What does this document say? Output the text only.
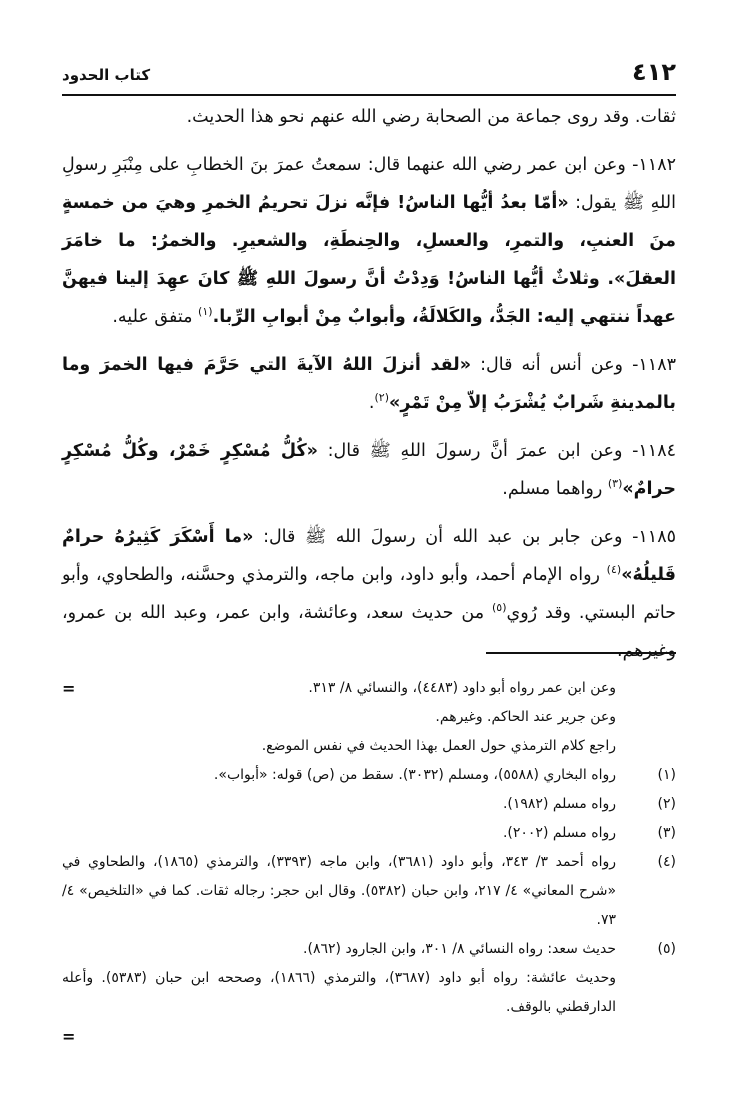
٤١٢
كتاب الحدود

ثقات. وقد روى جماعة من الصحابة رضي الله عنهم نحو هذا الحديث.

١١٨٢- وعن ابن عمر رضي الله عنهما قال: سمعتُ عمرَ بنَ الخطابِ على مِنْبَرِ رسولِ اللهِ ﷺ يقول: «أمّا بعدُ أيُّها الناسُ! فإنَّه نزلَ تحريمُ الخمرِ وهيَ من خمسةٍ منَ العنبِ، والتمرِ، والعسلِ، والحِنطَةِ، والشعيرِ. والخمرُ: ما خامَرَ العقلَ». وثلاثٌ أيُّها الناسُ! وَدِدْتُ أنَّ رسولَ اللهِ ﷺ كانَ عهِدَ إلينا فيهنَّ عهداً ننتهي إليه: الجَدُّ، والكَلالَةُ، وأبوابٌ مِنْ أبوابِ الرِّبا.$^{(١)}$ متفق عليه.

١١٨٣- وعن أنس أنه قال: «لقد أنزلَ اللهُ الآيةَ التي حَرَّمَ فيها الخمرَ وما بالمدينةِ شَرابٌ يُشْرَبُ إلاّ مِنْ تَمْرٍ»$^{(٢)}$.

١١٨٤- وعن ابن عمرَ أنَّ رسولَ اللهِ ﷺ قال: «كُلُّ مُسْكِرٍ خَمْرٌ، وكُلُّ مُسْكِرٍ حرامٌ»$^{(٣)}$ رواهما مسلم.

١١٨٥- وعن جابر بن عبد الله أن رسولَ الله ﷺ قال: «ما أَسْكَرَ كَثِيرُهُ حرامٌ قَليلُهُ»$^{(٤)}$ رواه الإمام أحمد، وأبو داود، وابن ماجه، والترمذي وحسَّنه، والطحاوي، وأبو حاتم البستي. وقد رُوي$^{(٥)}$ من حديث سعد، وعائشة، وابن عمر، وعبد الله بن عمرو، وغيرهم.

=	وعن ابن عمر رواه أبو داود (٤٤٨٣)، والنسائي ٨/ ٣١٣.

وعن جرير عند الحاكم. وغيرهم.

راجع كلام الترمذي حول العمل بهذا الحديث في نفس الموضع.

(١)
رواه البخاري (٥٥٨٨)، ومسلم (٣٠٣٢). سقط من (ص) قوله: «أبواب».
(٢)
رواه مسلم (١٩٨٢).
(٣)
رواه مسلم (٢٠٠٢).
(٤)
رواه أحمد ٣/ ٣٤٣، وأبو داود (٣٦٨١)، وابن ماجه (٣٣٩٣)، والترمذي (١٨٦٥)، والطحاوي في «شرح المعاني» ٤/ ٢١٧، وابن حبان (٥٣٨٢). وقال ابن حجر: رجاله ثقات. كما في «التلخيص» ٤/ ٧٣.
(٥)
حديث سعد: رواه النسائي ٨/ ٣٠١، وابن الجارود (٨٦٢).

وحديث عائشة: رواه أبو داود (٣٦٨٧)، والترمذي (١٨٦٦)، وصححه ابن حبان (٥٣٨٣). وأعله الدارقطني بالوقف.

=
